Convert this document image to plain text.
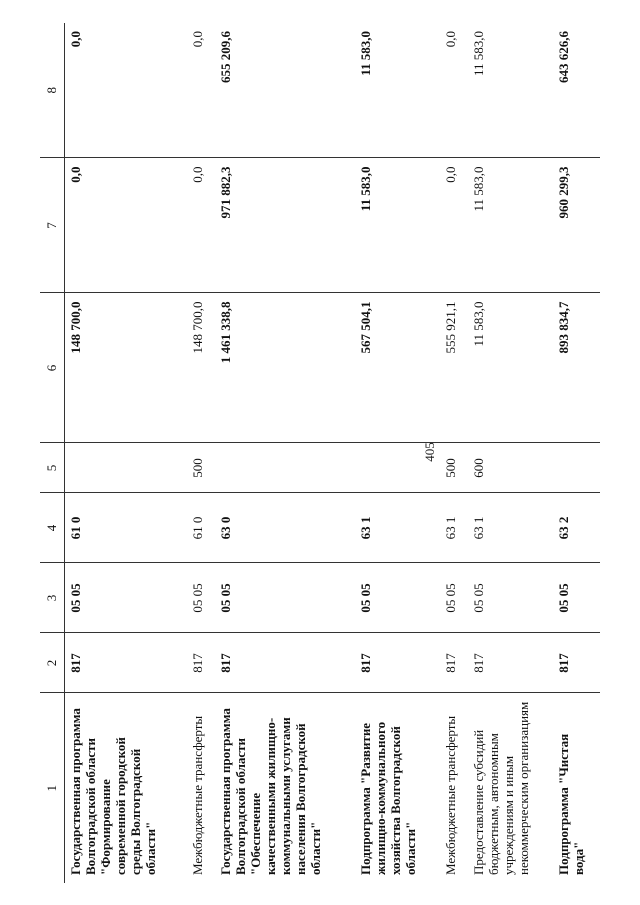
405
1	2	3	4	5	6	7	8
Государственная программа Волгоградской области "Формирование современной городской среды Волгоградской области"	817	05 05	61 0		148 700,0	0,0	0,0
Межбюджетные трансферты	817	05 05	61 0	500	148 700,0	0,0	0,0
Государственная программа Волгоградской области "Обеспечение качественными жилищно-коммунальными услугами населения Волгоградской области"	817	05 05	63 0		1 461 338,8	971 882,3	655 209,6
Подпрограмма "Развитие жилищно-коммунального хозяйства Волгоградской области"	817	05 05	63 1		567 504,1	11 583,0	11 583,0
Межбюджетные трансферты	817	05 05	63 1	500	555 921,1	0,0	0,0
Предоставление субсидий бюджетным, автономным учреждениям и иным некоммерческим организациям	817	05 05	63 1	600	11 583,0	11 583,0	11 583,0
Подпрограмма "Чистая вода"	817	05 05	63 2		893 834,7	960 299,3	643 626,6
